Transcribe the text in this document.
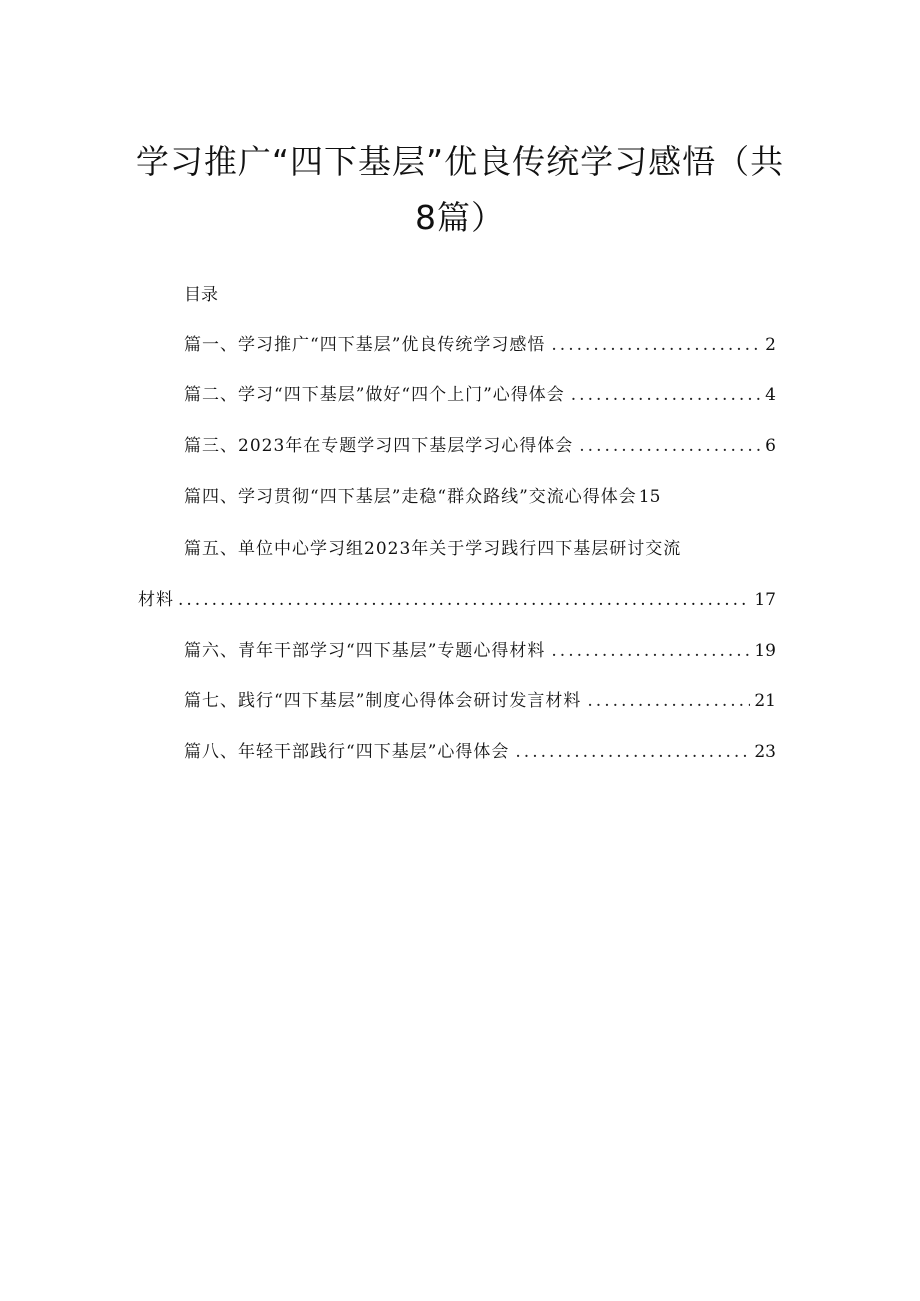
学习推广“四下基层”优良传统学习感悟（共
8篇）
目录
篇一、学习推广“四下基层”优良传统学习感悟 .....	2
篇二、学习“四下基层”做好“四个上门”心得体会 .....	4
篇三、2023年在专题学习四下基层学习心得体会 .....	6
篇四、学习贯彻“四下基层”走稳“群众路线”交流心得体会 15
篇五、单位中心学习组2023年关于学习践行四下基层研讨交流
材料 .....	17
篇六、青年干部学习“四下基层”专题心得材料 .....	19
篇七、践行“四下基层”制度心得体会研讨发言材料 .....	21
篇八、年轻干部践行“四下基层”心得体会 .....	23
